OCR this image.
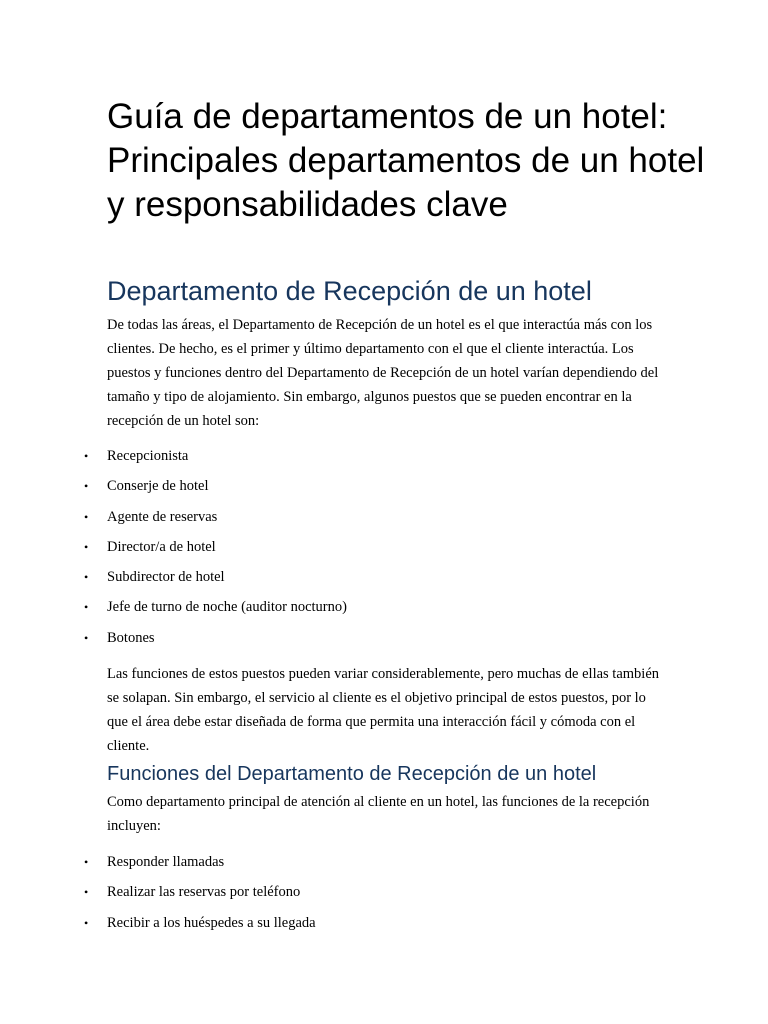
Guía de departamentos de un hotel: Principales departamentos de un hotel y responsabilidades clave
Departamento de Recepción de un hotel

De todas las áreas, el Departamento de Recepción de un hotel es el que interactúa más con los clientes. De hecho, es el primer y último departamento con el que el cliente interactúa. Los puestos y funciones dentro del Departamento de Recepción de un hotel varían dependiendo del tamaño y tipo de alojamiento. Sin embargo, algunos puestos que se pueden encontrar en la recepción de un hotel son:

• Recepcionista
• Conserje de hotel
• Agente de reservas
• Director/a de hotel
• Subdirector de hotel
• Jefe de turno de noche (auditor nocturno)
• Botones

Las funciones de estos puestos pueden variar considerablemente, pero muchas de ellas también se solapan. Sin embargo, el servicio al cliente es el objetivo principal de estos puestos, por lo que el área debe estar diseñada de forma que permita una interacción fácil y cómoda con el cliente.

Funciones del Departamento de Recepción de un hotel

Como departamento principal de atención al cliente en un hotel, las funciones de la recepción incluyen:

• Responder llamadas
• Realizar las reservas por teléfono
• Recibir a los huéspedes a su llegada
